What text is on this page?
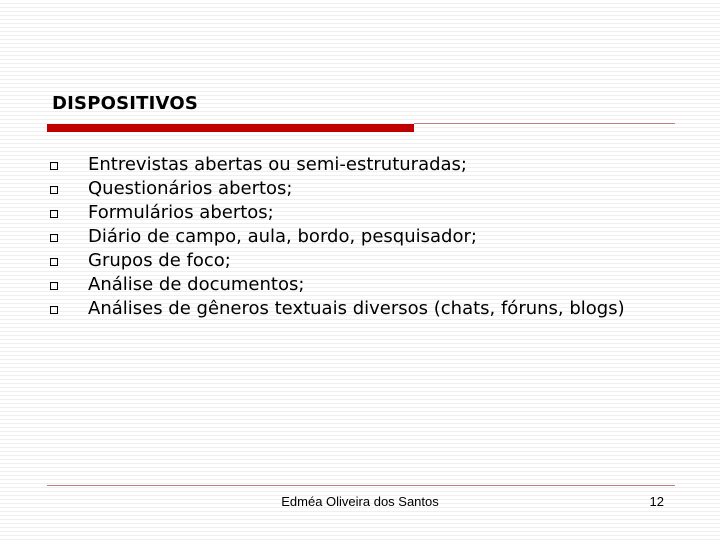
DISPOSITIVOS
Entrevistas abertas ou semi-estruturadas;
Questionários abertos;
Formulários abertos;
Diário de campo, aula, bordo, pesquisador;
Grupos de foco;
Análise de documentos;
Análises de gêneros textuais diversos (chats, fóruns, blogs)
Edméa Oliveira dos Santos	12
